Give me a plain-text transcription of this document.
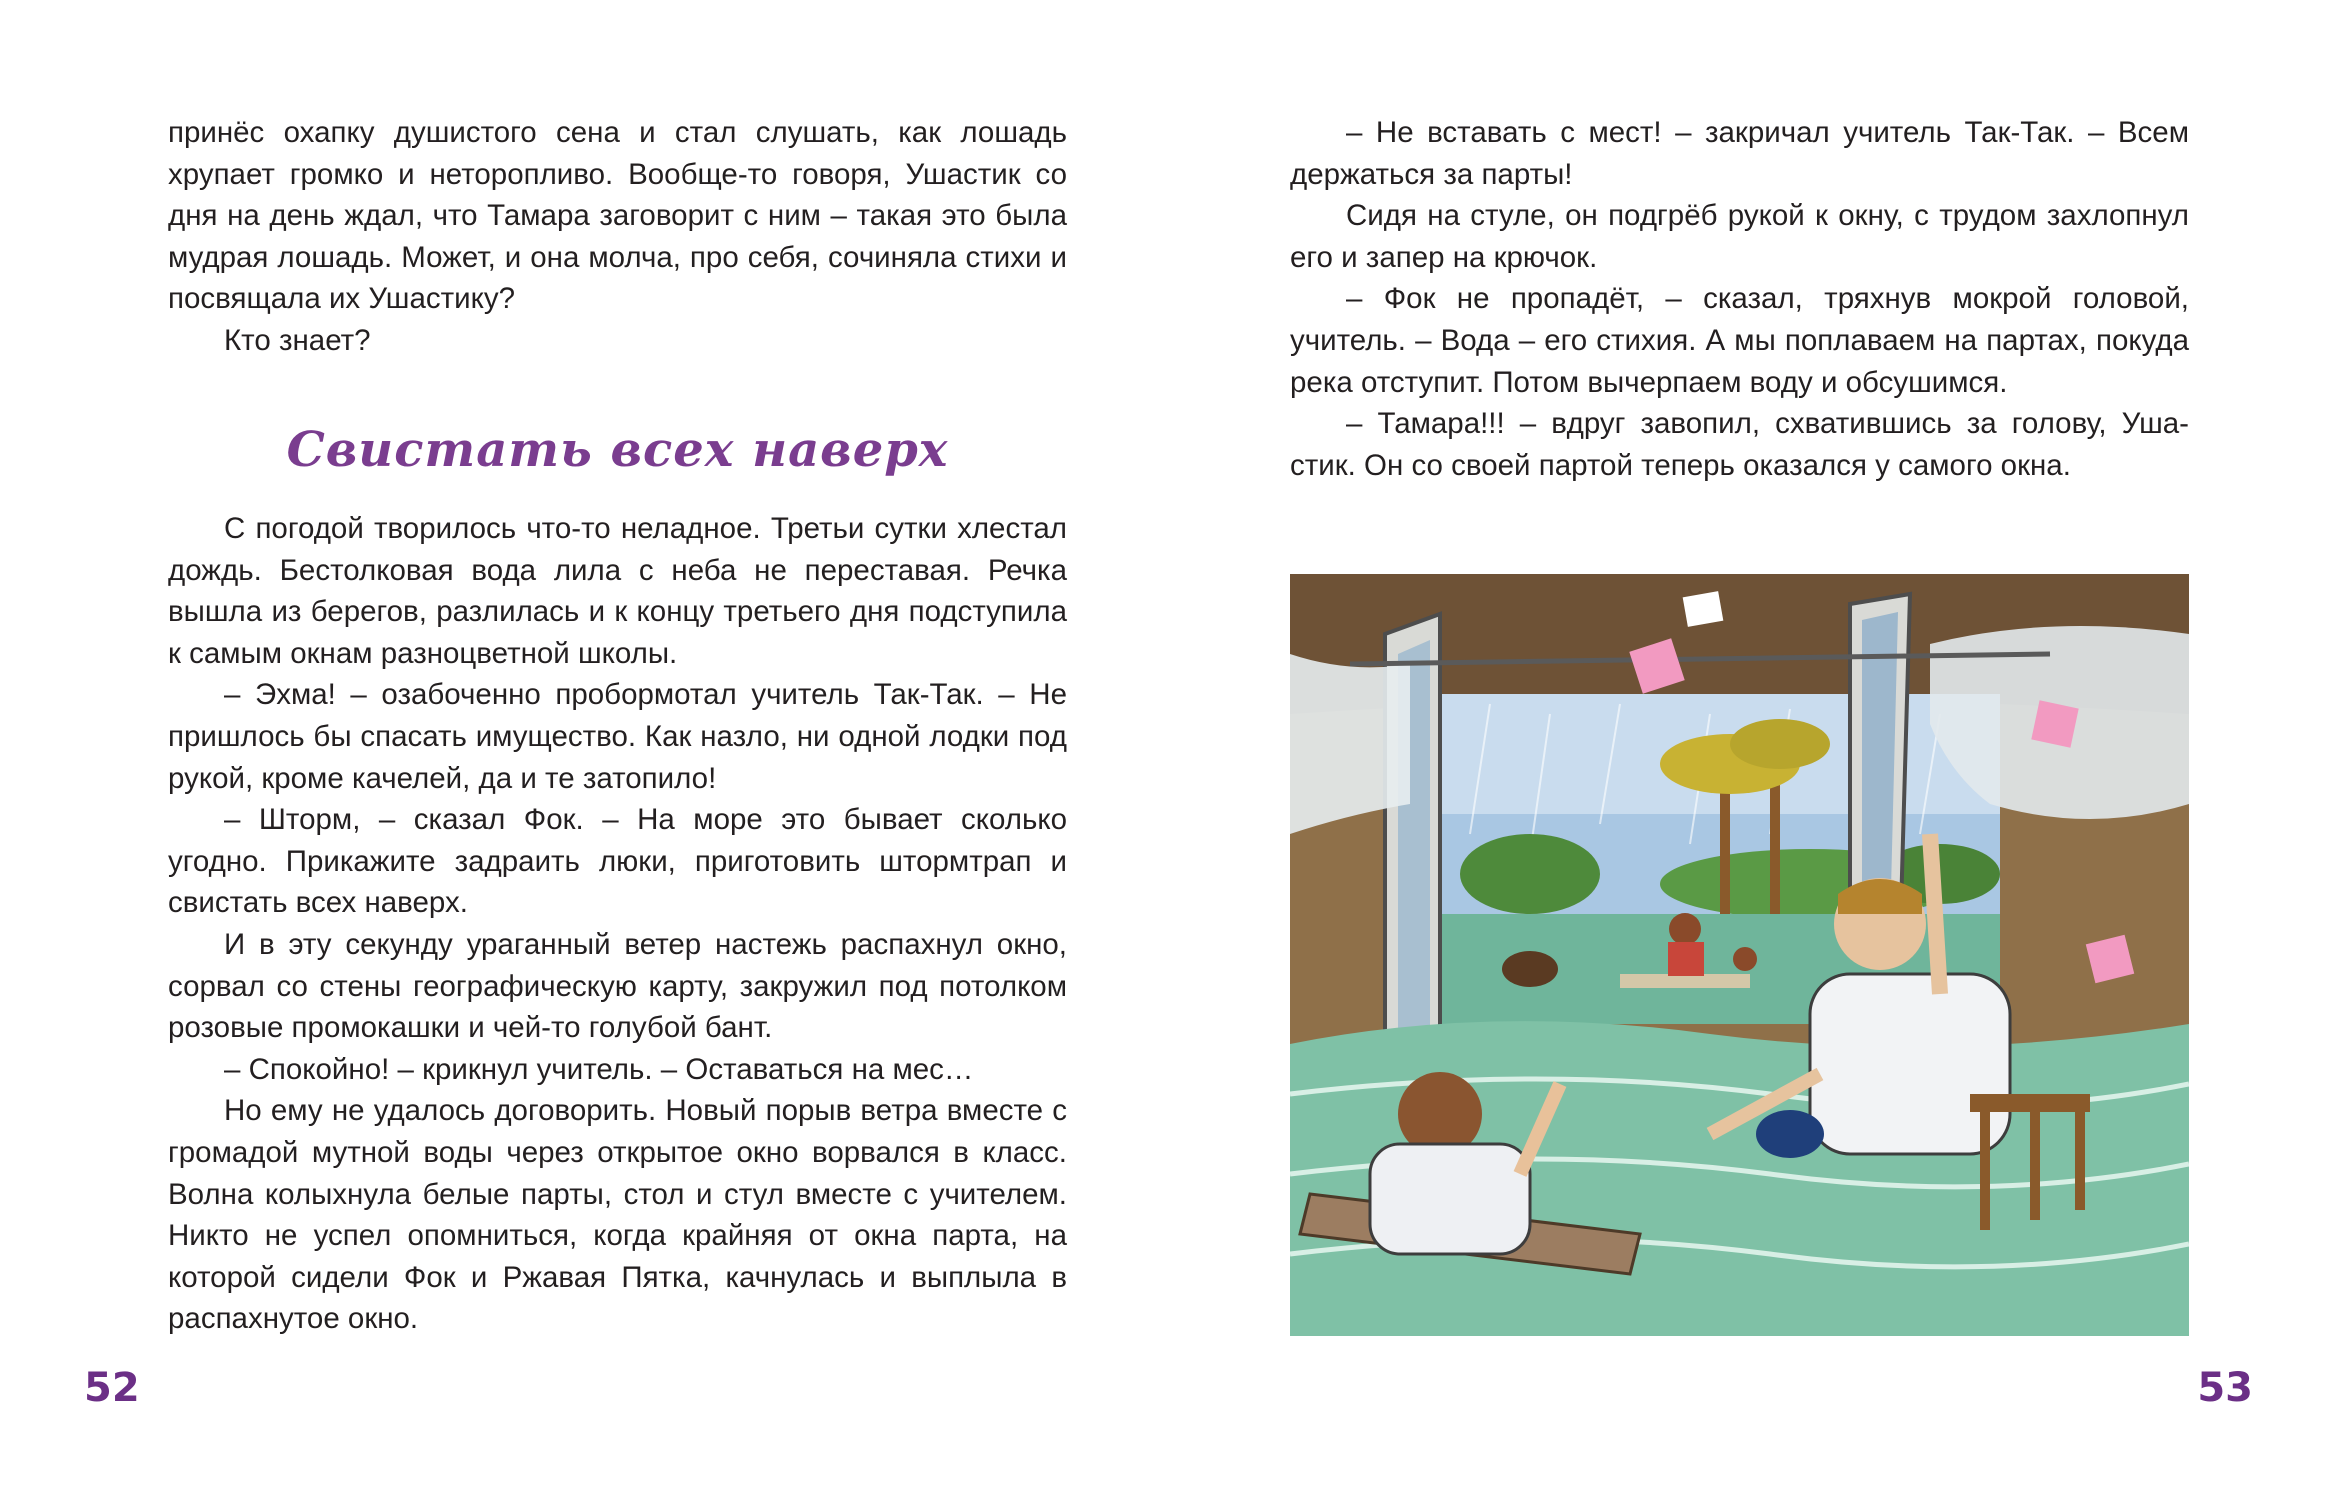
принёс охапку душистого сена и стал слушать, как лошадь хрупает громко и неторопливо. Вообще-то говоря, Ушастик со дня на день ждал, что Тамара заговорит с ним – такая это была мудрая лошадь. Может, и она молча, про себя, сочиняла стихи и посвящала их Ушастику?

Кто знает?

Свистать всех наверх

С погодой творилось что-то неладное. Третьи сутки хлестал дождь. Бестолковая вода лила с неба не переставая. Речка вышла из берегов, разлилась и к концу третьего дня подступила к самым окнам разноцветной школы.

– Эхма! – озабоченно пробормотал учитель Так-Так. – Не пришлось бы спасать имущество. Как назло, ни одной лодки под рукой, кроме качелей, да и те затопило!

– Шторм, – сказал Фок. – На море это бывает сколько угодно. Прикажите задраить люки, приготовить штормтрап и свистать всех наверх.

И в эту секунду ураганный ветер настежь распахнул окно, сорвал со стены географическую карту, закружил под потолком розовые промокашки и чей-то голубой бант.

– Спокойно! – крикнул учитель. – Оставаться на мес…

Но ему не удалось договорить. Новый порыв ветра вместе с громадой мутной воды через открытое окно ворвался в класс. Волна колыхнула белые парты, стол и стул вместе с учителем. Никто не успел опомниться, когда крайняя от окна парта, на которой сидели Фок и Ржавая Пятка, качнулась и выплыла в распахнутое окно.

52

– Не вставать с мест! – закричал учитель Так-Так. – Всем держаться за парты!

Сидя на стуле, он подгрёб рукой к окну, с трудом захлопнул его и запер на крючок.

– Фок не пропадёт, – сказал, тряхнув мокрой головой, учитель. – Вода – его стихия. А мы поплаваем на партах, покуда река отступит. Потом вычерпаем воду и обсушимся.

– Тамара!!! – вдруг завопил, схватившись за голову, Ушастик. Он со своей партой теперь оказался у самого окна.

53
